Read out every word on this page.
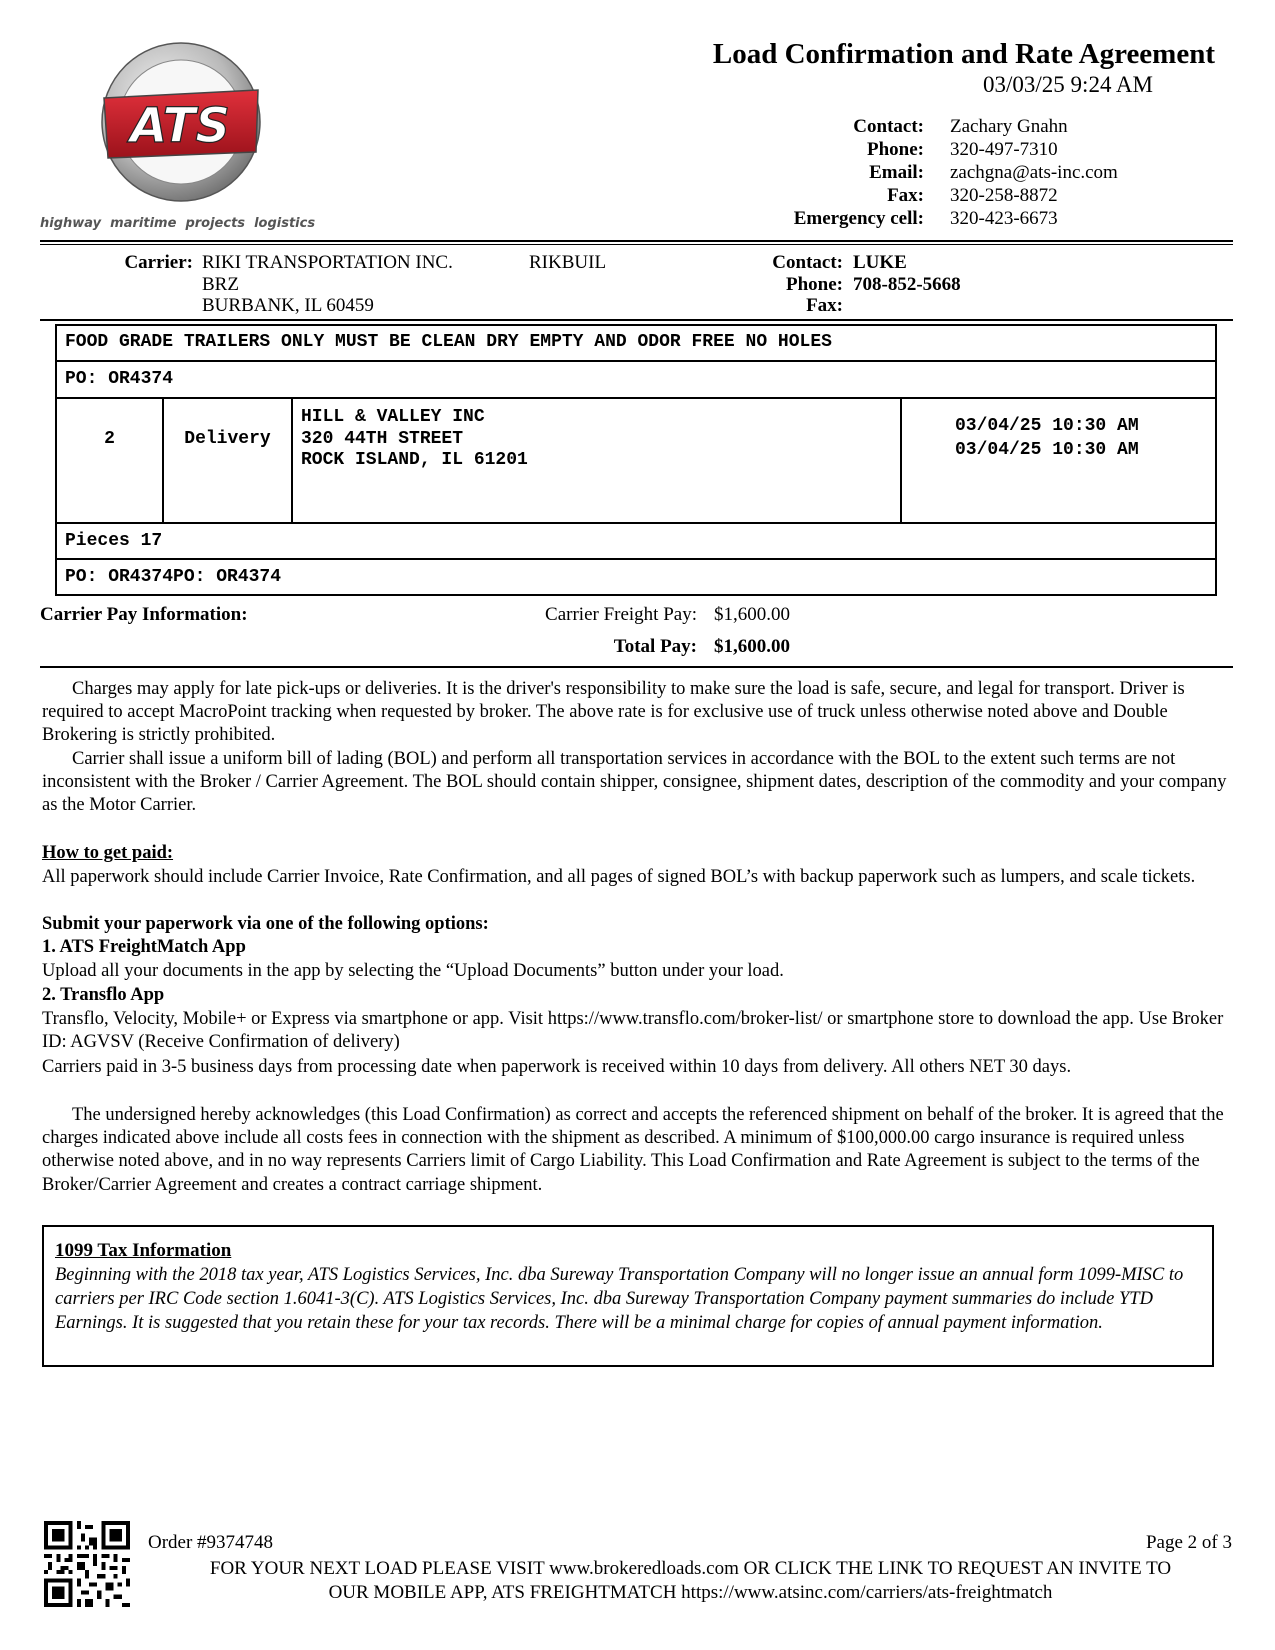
ATS
highway  maritime  projects  logistics
Load Confirmation and Rate Agreement
03/03/25 9:24 AM
Contact: Zachary Gnahn
Phone: 320-497-7310
Email: zachgna@ats-inc.com
Fax: 320-258-8872
Emergency cell: 320-423-6673
Carrier: RIKI TRANSPORTATION INC.	RIKBUIL
BRZ
BURBANK, IL 60459
Contact: LUKE
Phone: 708-852-5668
Fax:
FOOD GRADE TRAILERS ONLY MUST BE CLEAN DRY EMPTY AND ODOR FREE NO HOLES
PO: OR4374
2	Delivery
HILL & VALLEY INC
320 44TH STREET
ROCK ISLAND, IL 61201
03/04/25 10:30 AM
03/04/25 10:30 AM
Pieces 17
PO: OR4374PO: OR4374
Carrier Pay Information:	Carrier Freight Pay: $1,600.00
Total Pay: $1,600.00
Charges may apply for late pick-ups or deliveries. It is the driver's responsibility to make sure the load is safe, secure, and legal for transport. Driver is required to accept MacroPoint tracking when requested by broker. The above rate is for exclusive use of truck unless otherwise noted above and Double Brokering is strictly prohibited.
Carrier shall issue a uniform bill of lading (BOL) and perform all transportation services in accordance with the BOL to the extent such terms are not inconsistent with the Broker / Carrier Agreement. The BOL should contain shipper, consignee, shipment dates, description of the commodity and your company as the Motor Carrier.
How to get paid:
All paperwork should include Carrier Invoice, Rate Confirmation, and all pages of signed BOL’s with backup paperwork such as lumpers, and scale tickets.
Submit your paperwork via one of the following options:
1. ATS FreightMatch App
Upload all your documents in the app by selecting the “Upload Documents” button under your load.
2. Transflo App
Transflo, Velocity, Mobile+ or Express via smartphone or app. Visit https://www.transflo.com/broker-list/ or smartphone store to download the app. Use Broker ID: AGVSV (Receive Confirmation of delivery)
Carriers paid in 3-5 business days from processing date when paperwork is received within 10 days from delivery. All others NET 30 days.
The undersigned hereby acknowledges (this Load Confirmation) as correct and accepts the referenced shipment on behalf of the broker. It is agreed that the charges indicated above include all costs fees in connection with the shipment as described. A minimum of $100,000.00 cargo insurance is required unless otherwise noted above, and in no way represents Carriers limit of Cargo Liability. This Load Confirmation and Rate Agreement is subject to the terms of the Broker/Carrier Agreement and creates a contract carriage shipment.
1099 Tax Information
Beginning with the 2018 tax year, ATS Logistics Services, Inc. dba Sureway Transportation Company will no longer issue an annual form 1099-MISC to carriers per IRC Code section 1.6041-3(C). ATS Logistics Services, Inc. dba Sureway Transportation Company payment summaries do include YTD Earnings. It is suggested that you retain these for your tax records. There will be a minimal charge for copies of annual payment information.
Order #9374748	Page 2 of 3
FOR YOUR NEXT LOAD PLEASE VISIT www.brokeredloads.com OR CLICK THE LINK TO REQUEST AN INVITE TO
OUR MOBILE APP, ATS FREIGHTMATCH https://www.atsinc.com/carriers/ats-freightmatch
